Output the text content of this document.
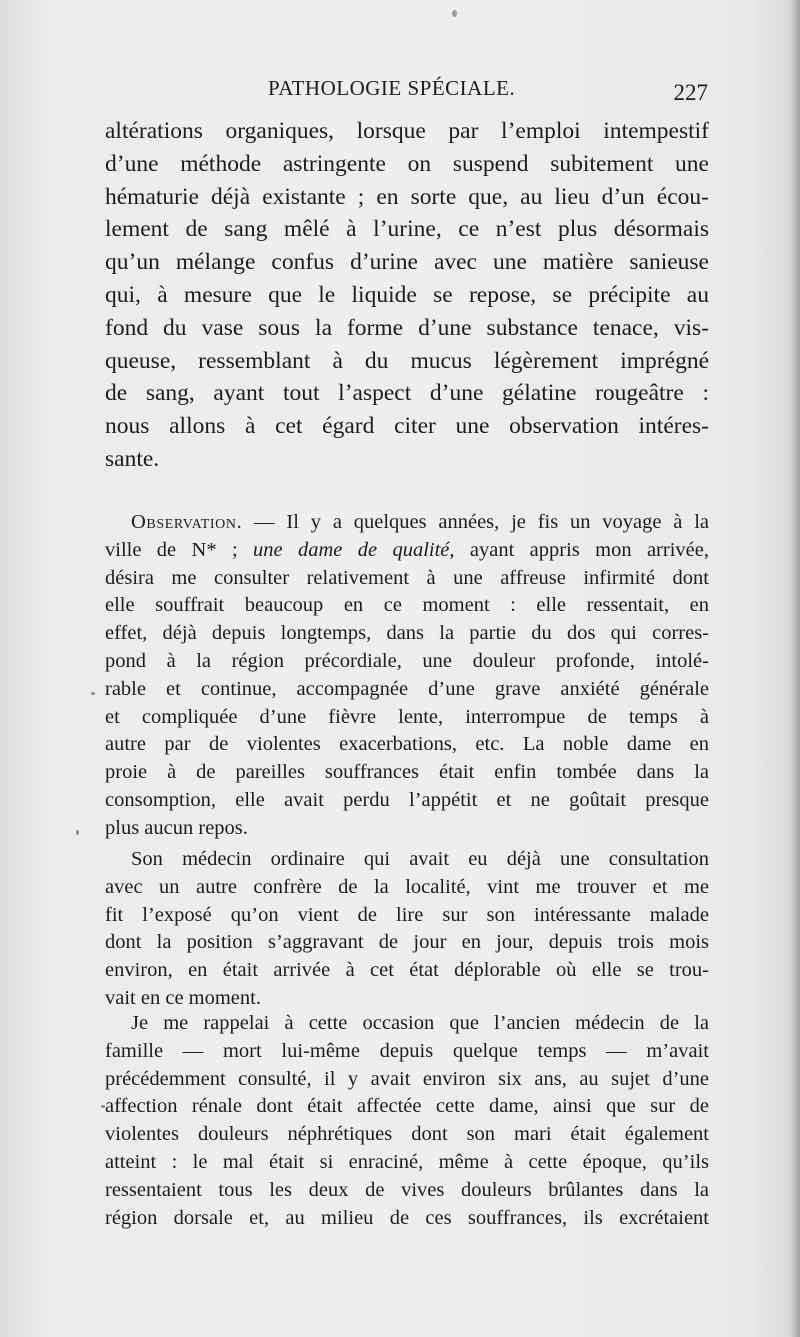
PATHOLOGIE SPÉCIALE.	227
altérations organiques, lorsque par l’emploi intempestif
d’une méthode astringente on suspend subitement une
hématurie déjà existante ; en sorte que, au lieu d’un écou-
lement de sang mêlé à l’urine, ce n’est plus désormais
qu’un mélange confus d’urine avec une matière sanieuse
qui, à mesure que le liquide se repose, se précipite au
fond du vase sous la forme d’une substance tenace, vis-
queuse, ressemblant à du mucus légèrement imprégné
de sang, ayant tout l’aspect d’une gélatine rougeâtre :
nous allons à cet égard citer une observation intéres-
sante.
Observation. — Il y a quelques années, je fis un voyage à la
ville de N* ; une dame de qualité, ayant appris mon arrivée,
désira me consulter relativement à une affreuse infirmité dont
elle souffrait beaucoup en ce moment : elle ressentait, en
effet, déjà depuis longtemps, dans la partie du dos qui corres-
pond à la région précordiale, une douleur profonde, intolé-
rable et continue, accompagnée d’une grave anxiété générale
et compliquée d’une fièvre lente, interrompue de temps à
autre par de violentes exacerbations, etc. La noble dame en
proie à de pareilles souffrances était enfin tombée dans la
consomption, elle avait perdu l’appétit et ne goûtait presque
plus aucun repos.
Son médecin ordinaire qui avait eu déjà une consultation
avec un autre confrère de la localité, vint me trouver et me
fit l’exposé qu’on vient de lire sur son intéressante malade
dont la position s’aggravant de jour en jour, depuis trois mois
environ, en était arrivée à cet état déplorable où elle se trou-
vait en ce moment.
Je me rappelai à cette occasion que l’ancien médecin de la
famille — mort lui-même depuis quelque temps — m’avait
précédemment consulté, il y avait environ six ans, au sujet d’une
affection rénale dont était affectée cette dame, ainsi que sur de
violentes douleurs néphrétiques dont son mari était également
atteint : le mal était si enraciné, même à cette époque, qu’ils
ressentaient tous les deux de vives douleurs brûlantes dans la
région dorsale et, au milieu de ces souffrances, ils excrétaient
